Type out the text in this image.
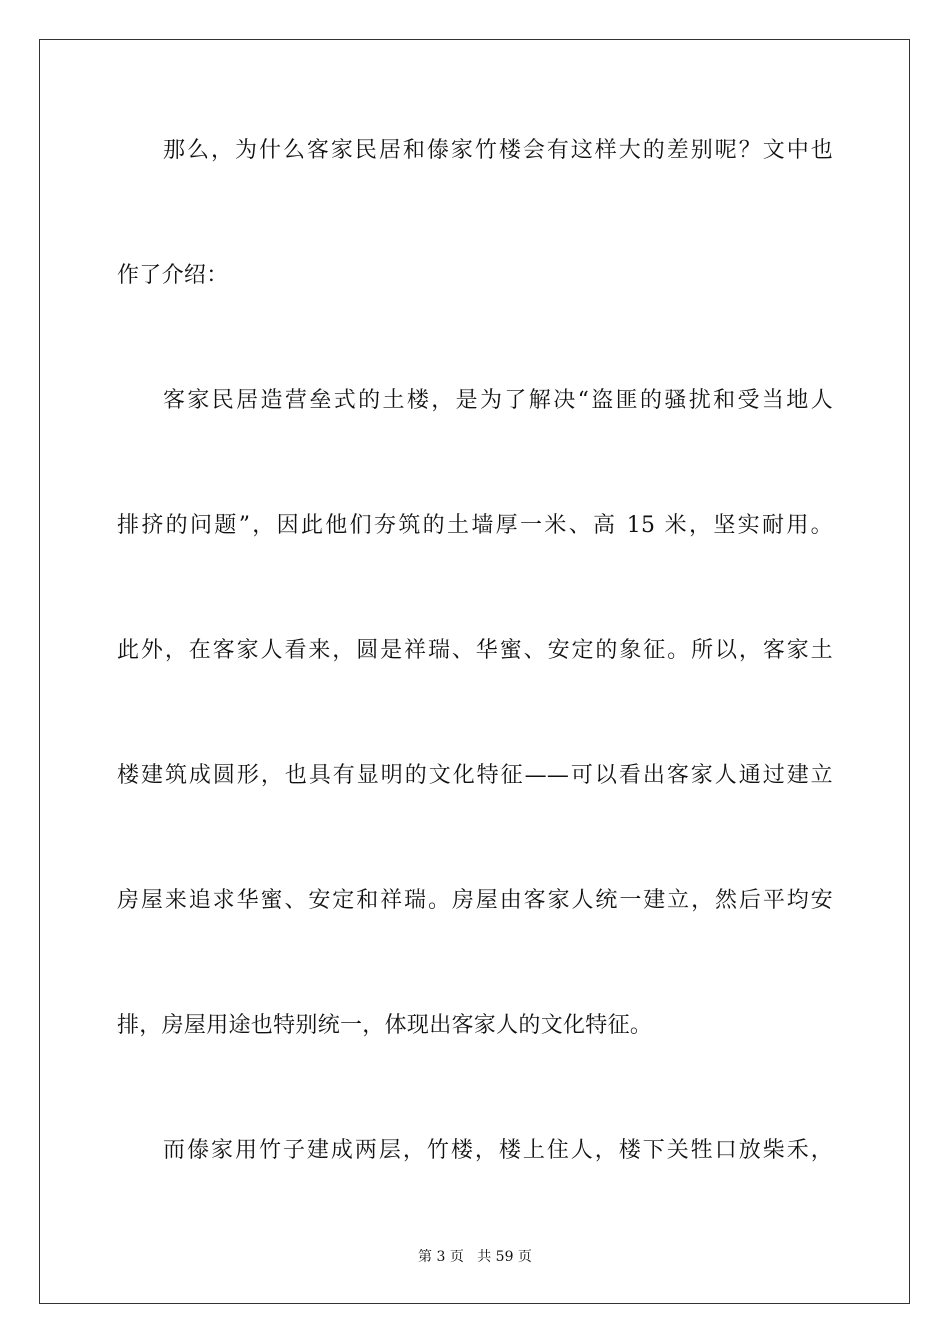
那么，为什么客家民居和傣家竹楼会有这样大的差别呢？文中也
作了介绍：
客家民居造营垒式的土楼，是为了解决“盗匪的骚扰和受当地人
排挤的问题”，因此他们夯筑的土墙厚一米、高 15 米，坚实耐用。
此外，在客家人看来，圆是祥瑞、华蜜、安定的象征。所以，客家土
楼建筑成圆形，也具有显明的文化特征——可以看出客家人通过建立
房屋来追求华蜜、安定和祥瑞。房屋由客家人统一建立，然后平均安
排，房屋用途也特别统一，体现出客家人的文化特征。
而傣家用竹子建成两层，竹楼，楼上住人，楼下关牲口放柴禾，
第 3 页 共 59 页
